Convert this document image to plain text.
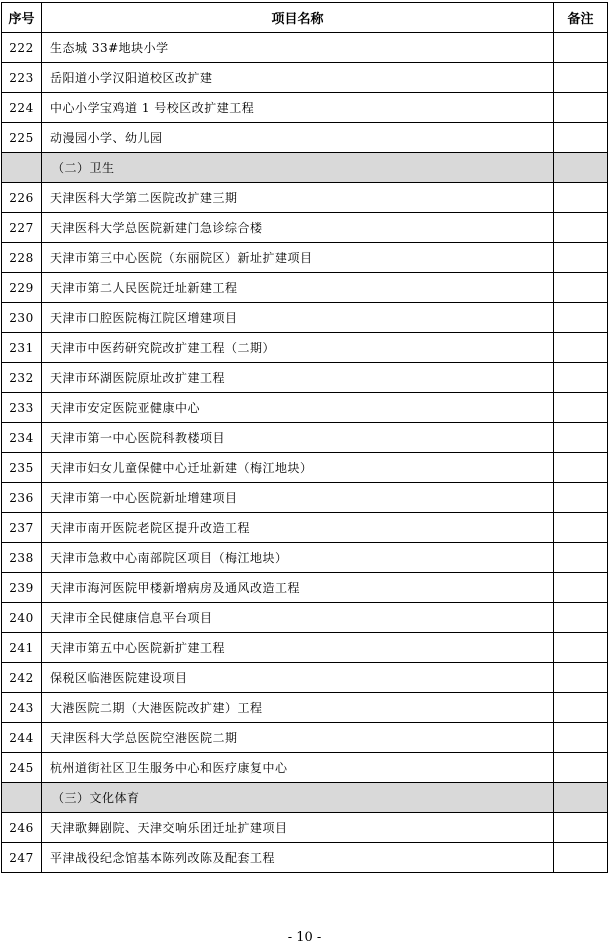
序号	项目名称	备注
222	生态城 33#地块小学	
223	岳阳道小学汉阳道校区改扩建	
224	中心小学宝鸡道 1 号校区改扩建工程	
225	动漫园小学、幼儿园	
	（二）卫生	
226	天津医科大学第二医院改扩建三期	
227	天津医科大学总医院新建门急诊综合楼	
228	天津市第三中心医院（东丽院区）新址扩建项目	
229	天津市第二人民医院迁址新建工程	
230	天津市口腔医院梅江院区增建项目	
231	天津市中医药研究院改扩建工程（二期）	
232	天津市环湖医院原址改扩建工程	
233	天津市安定医院亚健康中心	
234	天津市第一中心医院科教楼项目	
235	天津市妇女儿童保健中心迁址新建（梅江地块）	
236	天津市第一中心医院新址增建项目	
237	天津市南开医院老院区提升改造工程	
238	天津市急救中心南部院区项目（梅江地块）	
239	天津市海河医院甲楼新增病房及通风改造工程	
240	天津市全民健康信息平台项目	
241	天津市第五中心医院新扩建工程	
242	保税区临港医院建设项目	
243	大港医院二期（大港医院改扩建）工程	
244	天津医科大学总医院空港医院二期	
245	杭州道街社区卫生服务中心和医疗康复中心	
	（三）文化体育	
246	天津歌舞剧院、天津交响乐团迁址扩建项目	
247	平津战役纪念馆基本陈列改陈及配套工程	
- 10 -
